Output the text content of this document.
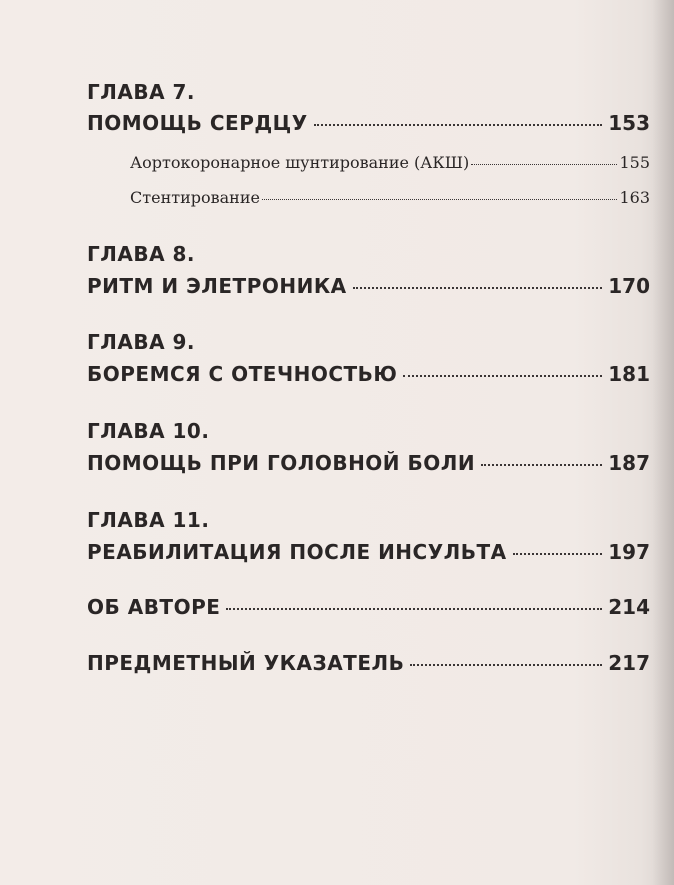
ГЛАВА 7.
ПОМОЩЬ СЕРДЦУ	153
Аортокоронарное шунтирование (АКШ)	155
Стентирование	163
ГЛАВА 8.
РИТМ И ЭЛЕТРОНИКА	170
ГЛАВА 9.
БОРЕМСЯ С ОТЕЧНОСТЬЮ	181
ГЛАВА 10.
ПОМОЩЬ ПРИ ГОЛОВНОЙ БОЛИ	187
ГЛАВА 11.
РЕАБИЛИТАЦИЯ ПОСЛЕ ИНСУЛЬТА	197
ОБ АВТОРЕ	214
ПРЕДМЕТНЫЙ УКАЗАТЕЛЬ	217
